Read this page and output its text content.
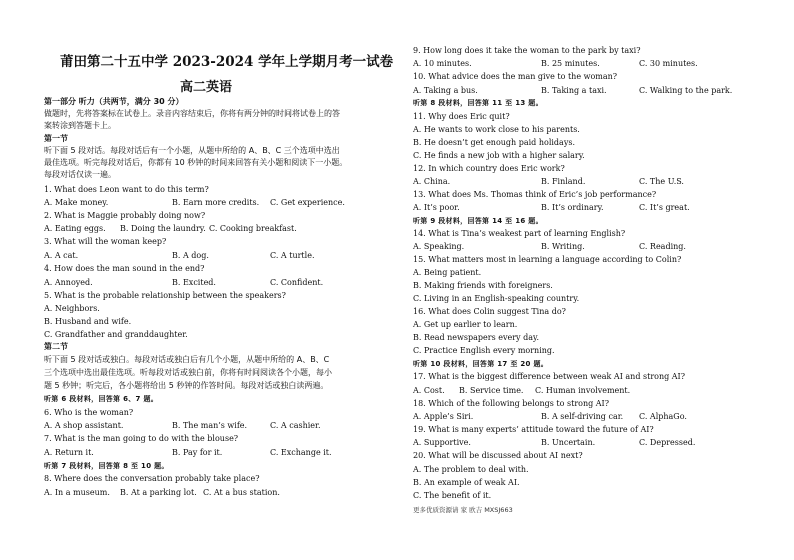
莆田第二十五中学 2023-2024 学年上学期月考一试卷
高二英语
第一部分 听力（共两节，满分 30 分）
做题时，先将答案标在试卷上。录音内容结束后，你将有两分钟的时间将试卷上的答
案转涂到答题卡上。
第一节
听下面 5 段对话。每段对话后有一个小题，从题中所给的 A、B、C 三个选项中选出
最佳选项。听完每段对话后，你都有 10 秒钟的时间来回答有关小题和阅读下一小题。
每段对话仅读一遍。
1. What does Leon want to do this term?
A. Make money.	B. Earn more credits. C. Get experience.
2. What is Maggie probably doing now?
A. Eating eggs. B. Doing the laundry. C. Cooking breakfast.
3. What will the woman keep?
A. A cat.	B. A dog.	C. A turtle.
4. How does the man sound in the end?
A. Annoyed.	B. Excited.	C. Confident.
5. What is the probable relationship between the speakers?
A. Neighbors.
B. Husband and wife.
C. Grandfather and granddaughter.
第二节
听下面 5 段对话或独白。每段对话或独白后有几个小题，从题中所给的 A、B、C
三个选项中选出最佳选项。听每段对话或独白前，你将有时间阅读各个小题，每小
题 5 秒钟；听完后，各小题将给出 5 秒钟的作答时间。每段对话或独白读两遍。
听第 6 段材料，回答第 6、7 题。
6. Who is the woman?
A. A shop assistant.	B. The man’s wife.	C. A cashier.
7. What is the man going to do with the blouse?
A. Return it.	B. Pay for it.	C. Exchange it.
听第 7 段材料，回答第 8 至 10 题。
8. Where does the conversation probably take place?
A. In a museum. B. At a parking lot. C. At a bus station.
9. How long does it take the woman to the park by taxi?
A. 10 minutes.	B. 25 minutes.	C. 30 minutes.
10. What advice does the man give to the woman?
A. Taking a bus.	B. Taking a taxi.	C. Walking to the park.
听第 8 段材料，回答第 11 至 13 题。
11. Why does Eric quit?
A. He wants to work close to his parents.
B. He doesn’t get enough paid holidays.
C. He finds a new job with a higher salary.
12. In which country does Eric work?
A. China.	B. Finland.	C. The U.S.
13. What does Ms. Thomas think of Eric’s job performance?
A. It’s poor.	B. It’s ordinary.	C. It’s great.
听第 9 段材料，回答第 14 至 16 题。
14. What is Tina’s weakest part of learning English?
A. Speaking.	B. Writing.	C. Reading.
15. What matters most in learning a language according to Colin?
A. Being patient.
B. Making friends with foreigners.
C. Living in an English-speaking country.
16. What does Colin suggest Tina do?
A. Get up earlier to learn.
B. Read newspapers every day.
C. Practice English every morning.
听第 10 段材料，回答第 17 至 20 题。
17. What is the biggest difference between weak AI and strong AI?
A. Cost. B. Service time. C. Human involvement.
18. Which of the following belongs to strong AI?
A. Apple’s Siri.	B. A self-driving car. C. AlphaGo.
19. What is many experts’ attitude toward the future of AI?
A. Supportive.	B. Uncertain.	C. Depressed.
20. What will be discussed about AI next?
A. The problem to deal with.
B. An example of weak AI.
C. The benefit of it.
更多优质资源请 家 欧吉 MXSJ663
